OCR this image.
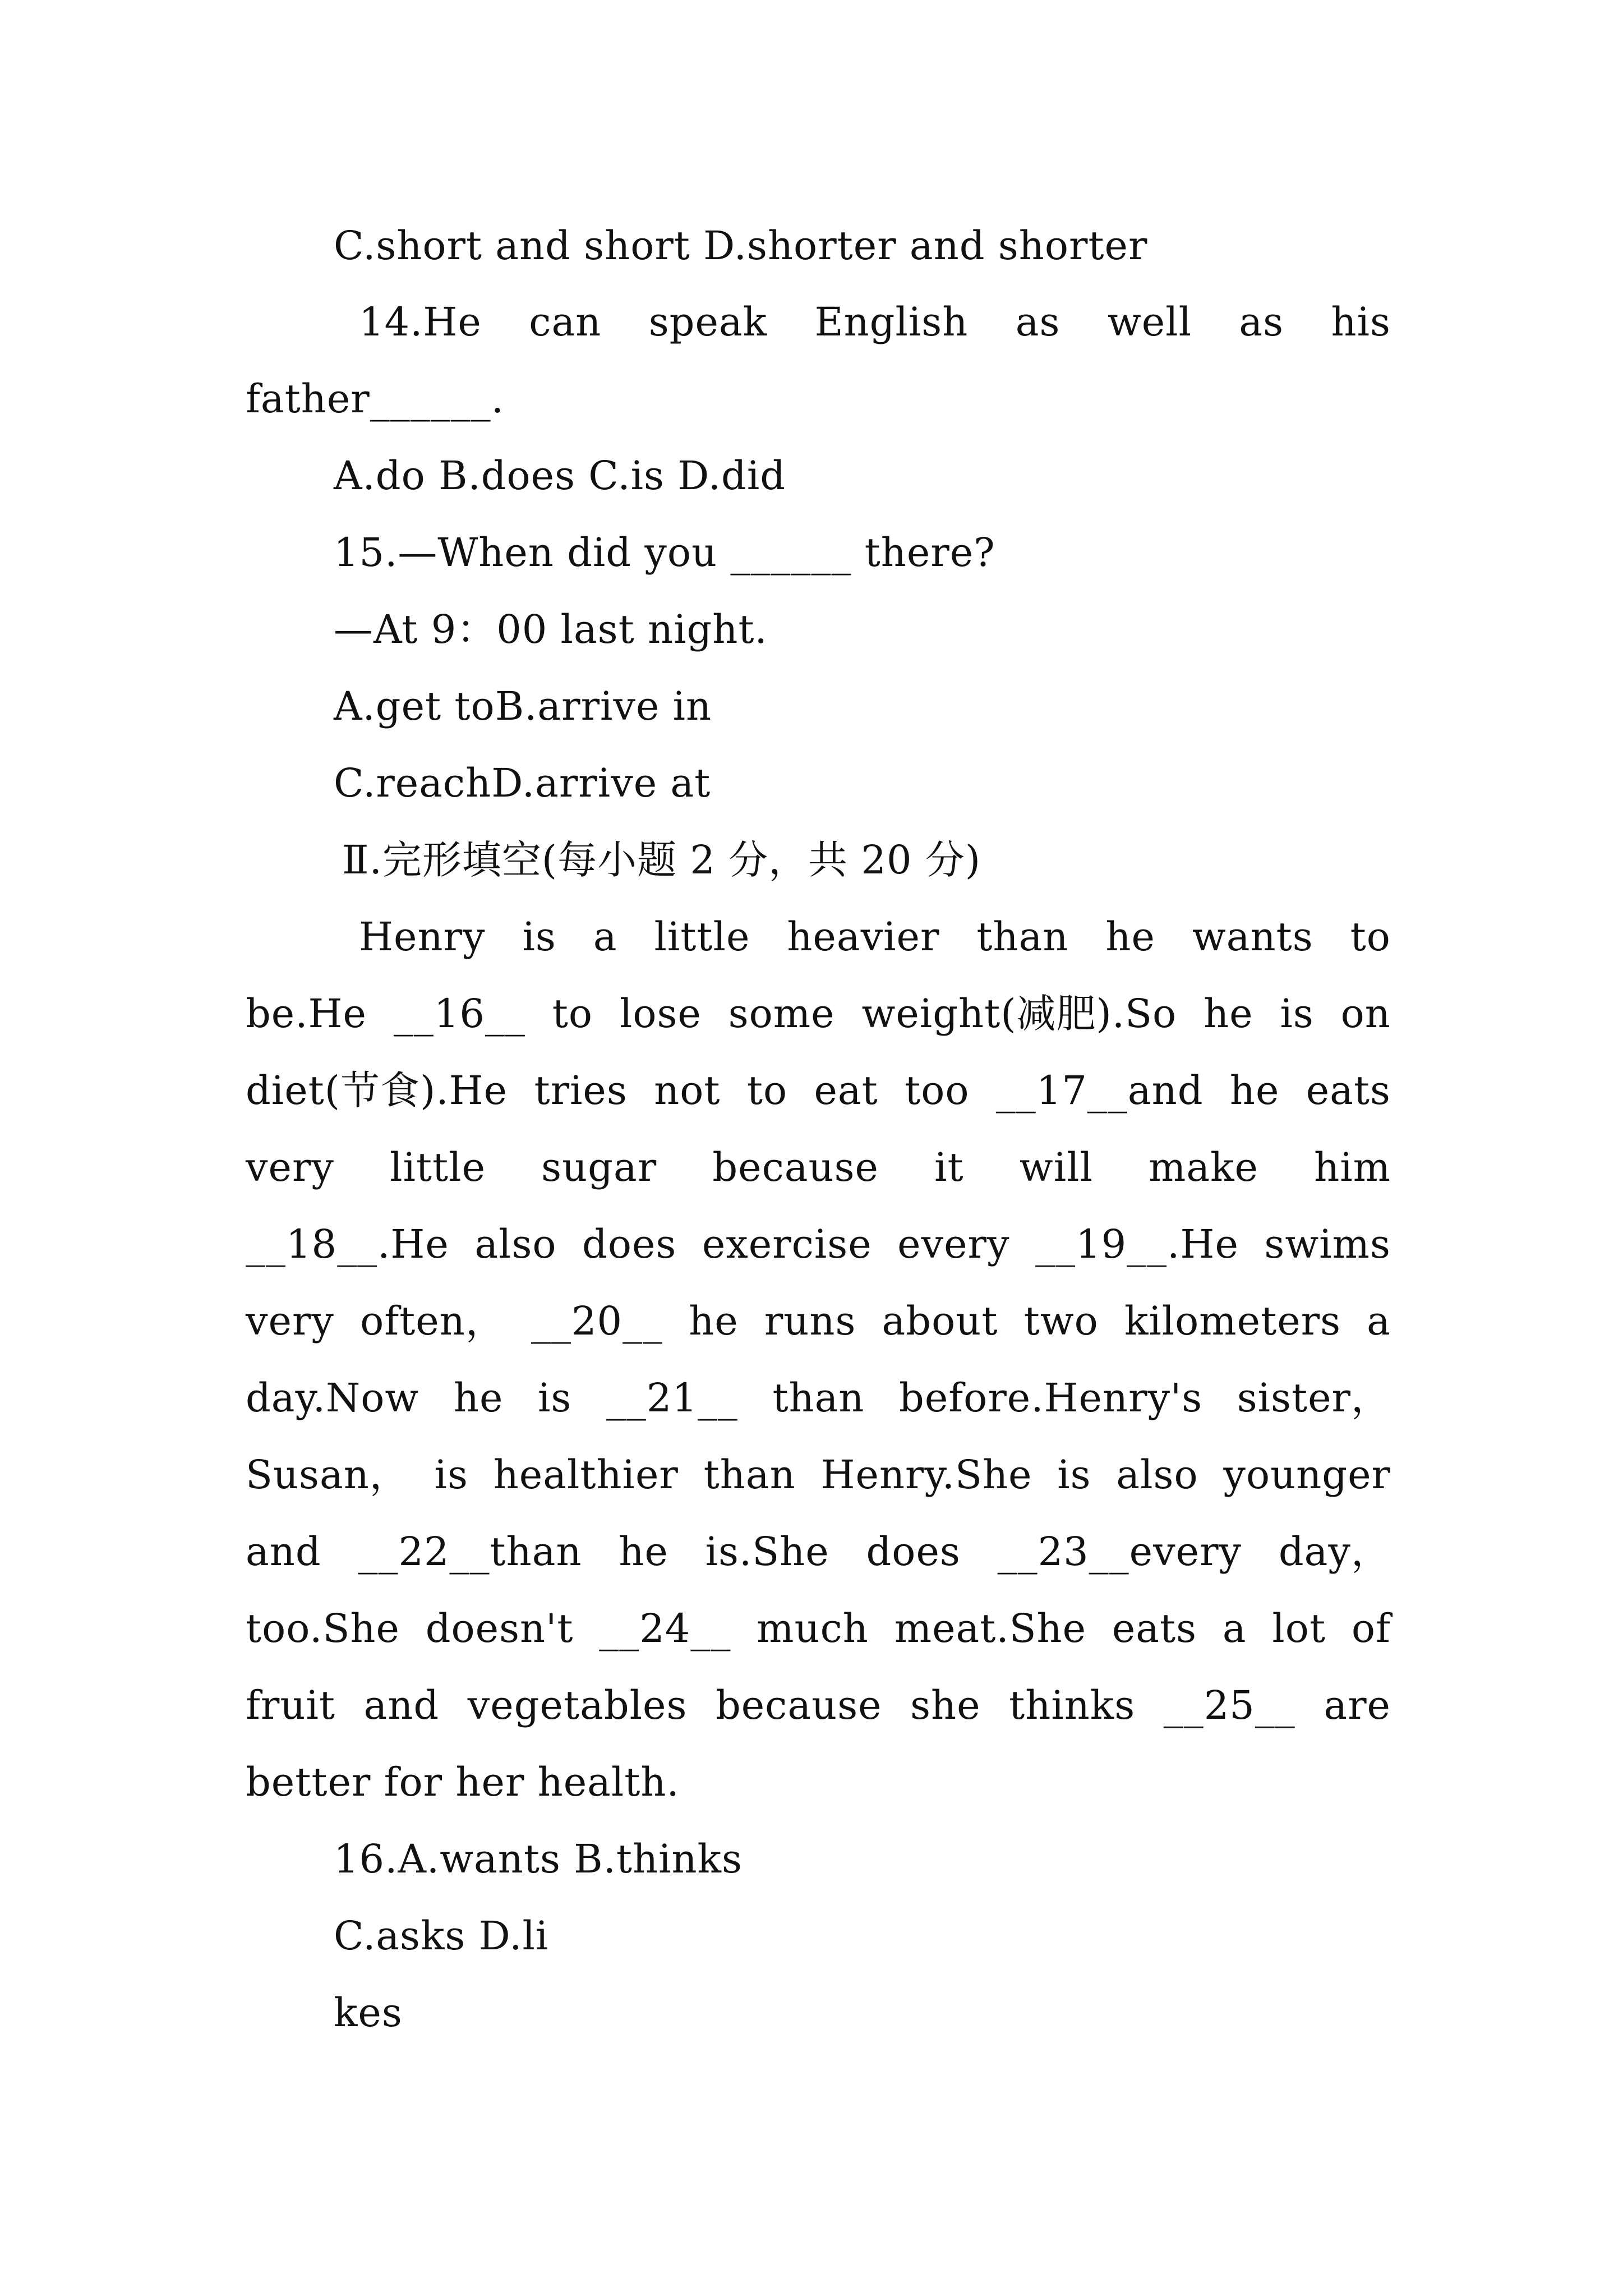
C.short and short D.shorter and shorter
14.He can speak English as well as his
father______.
A.do B.does C.is D.did
15.—When did you ______ there?
—At 9：00 last night.
A.get toB.arrive in
C.reachD.arrive at
Ⅱ.完形填空(每小题 2 分，共 20 分)
Henry is a little heavier than he wants to
be.He __16__ to lose some weight(减肥).So he is on
diet(节食).He tries not to eat too __17__and he eats
very little sugar because it will make him
__18__.He also does exercise every __19__.He swims
very often， __20__ he runs about two kilometers a
day.Now he is __21__ than before.Henry's sister，
Susan， is healthier than Henry.She is also younger
and __22__than he is.She does __23__every day，
too.She doesn't __24__ much meat.She eats a lot of
fruit and vegetables because she thinks __25__ are
better for her health.
16.A.wants B.thinks
C.asks D.li
kes
